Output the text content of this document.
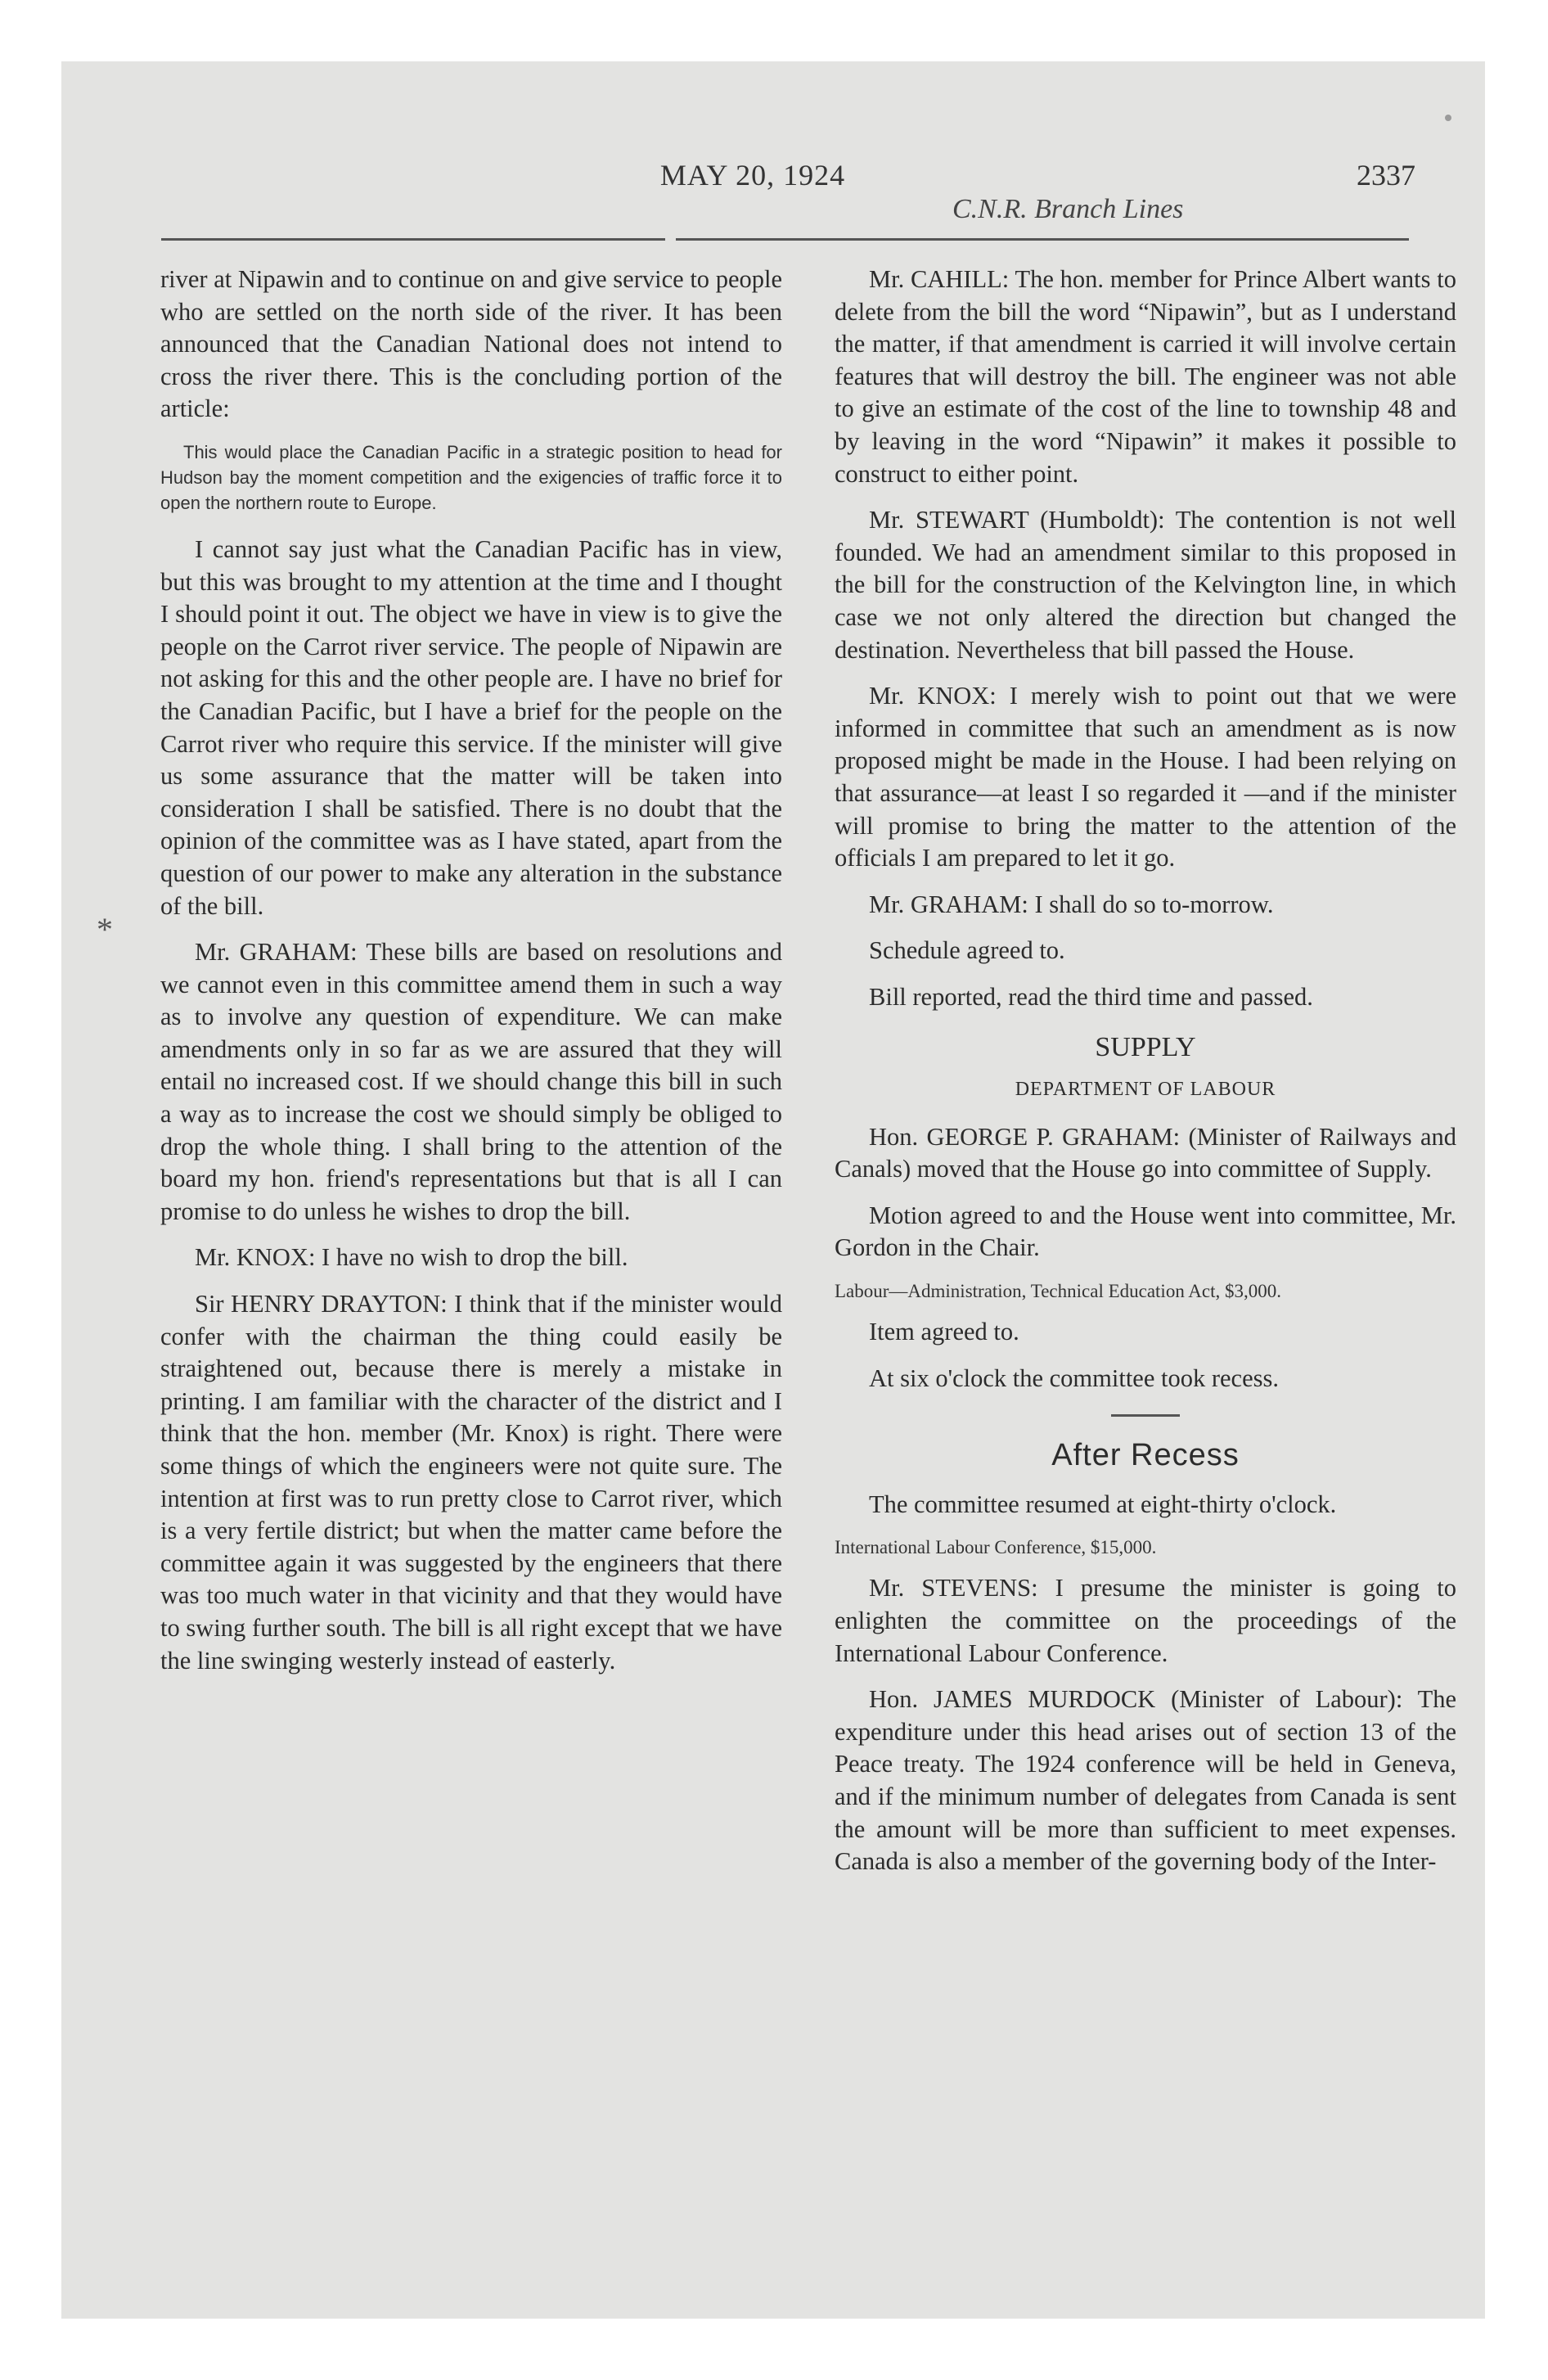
MAY 20, 1924	2337
C.N.R. Branch Lines
*

river at Nipawin and to continue on and give service to people who are settled on the north side of the river. It has been announced that the Canadian National does not intend to cross the river there. This is the concluding portion of the article:

This would place the Canadian Pacific in a strategic position to head for Hudson bay the moment competition and the exigencies of traffic force it to open the northern route to Europe.

I cannot say just what the Canadian Pacific has in view, but this was brought to my attention at the time and I thought I should point it out. The object we have in view is to give the people on the Carrot river service. The people of Nipawin are not asking for this and the other people are. I have no brief for the Canadian Pacific, but I have a brief for the people on the Carrot river who require this service. If the minister will give us some assurance that the matter will be taken into consideration I shall be satisfied. There is no doubt that the opinion of the committee was as I have stated, apart from the question of our power to make any alteration in the substance of the bill.

Mr. GRAHAM: These bills are based on resolutions and we cannot even in this committee amend them in such a way as to involve any question of expenditure. We can make amendments only in so far as we are assured that they will entail no increased cost. If we should change this bill in such a way as to increase the cost we should simply be obliged to drop the whole thing. I shall bring to the attention of the board my hon. friend's representations but that is all I can promise to do unless he wishes to drop the bill.

Mr. KNOX: I have no wish to drop the bill.

Sir HENRY DRAYTON: I think that if the minister would confer with the chairman the thing could easily be straightened out, because there is merely a mistake in printing. I am familiar with the character of the district and I think that the hon. member (Mr. Knox) is right. There were some things of which the engineers were not quite sure. The intention at first was to run pretty close to Carrot river, which is a very fertile district; but when the matter came before the committee again it was suggested by the engineers that there was too much water in that vicinity and that they would have to swing further south. The bill is all right except that we have the line swinging westerly instead of easterly.

Mr. CAHILL: The hon. member for Prince Albert wants to delete from the bill the word “Nipawin”, but as I understand the matter, if that amendment is carried it will involve certain features that will destroy the bill. The engineer was not able to give an estimate of the cost of the line to township 48 and by leaving in the word “Nipawin” it makes it possible to construct to either point.

Mr. STEWART (Humboldt): The contention is not well founded. We had an amendment similar to this proposed in the bill for the construction of the Kelvington line, in which case we not only altered the direction but changed the destination. Nevertheless that bill passed the House.

Mr. KNOX: I merely wish to point out that we were informed in committee that such an amendment as is now proposed might be made in the House. I had been relying on that assurance—at least I so regarded it —and if the minister will promise to bring the matter to the attention of the officials I am prepared to let it go.

Mr. GRAHAM: I shall do so to-morrow.

Schedule agreed to.

Bill reported, read the third time and passed.

SUPPLY
DEPARTMENT OF LABOUR

Hon. GEORGE P. GRAHAM: (Minister of Railways and Canals) moved that the House go into committee of Supply.

Motion agreed to and the House went into committee, Mr. Gordon in the Chair.

Labour—Administration, Technical Education Act, $3,000.

Item agreed to.

At six o'clock the committee took recess.

After Recess

The committee resumed at eight-thirty o'clock.

International Labour Conference, $15,000.

Mr. STEVENS: I presume the minister is going to enlighten the committee on the proceedings of the International Labour Conference.

Hon. JAMES MURDOCK (Minister of Labour): The expenditure under this head arises out of section 13 of the Peace treaty. The 1924 conference will be held in Geneva, and if the minimum number of delegates from Canada is sent the amount will be more than sufficient to meet expenses. Canada is also a member of the governing body of the Inter-
